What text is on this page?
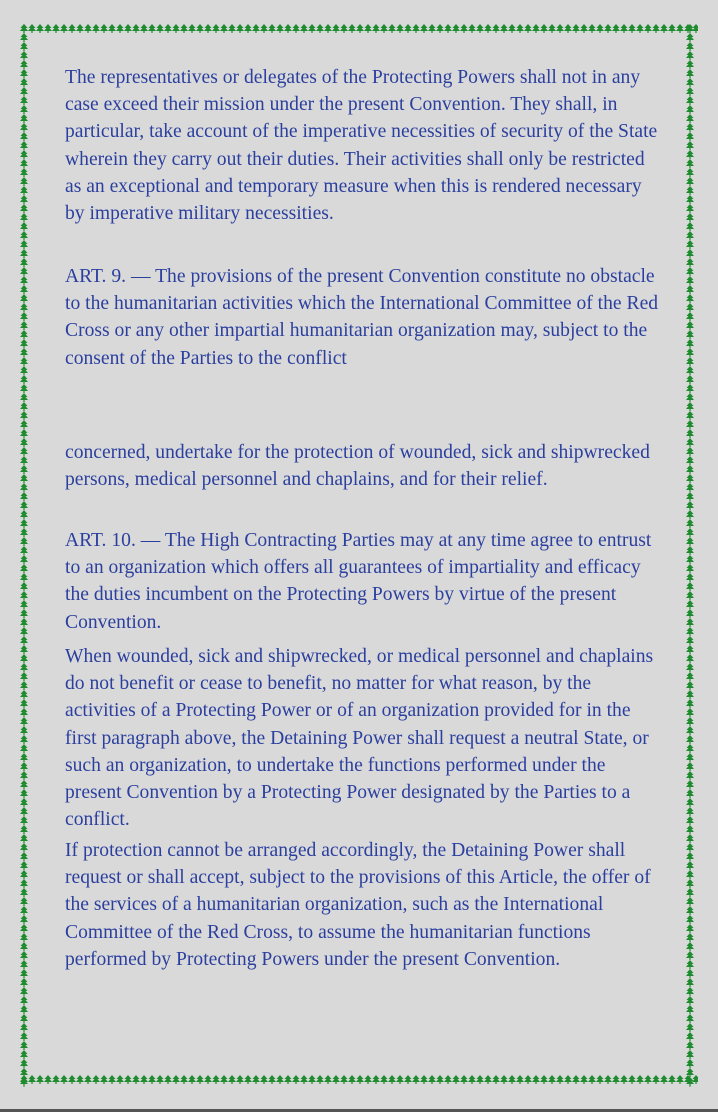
The representatives or delegates of the Protecting Powers shall not in any case exceed their mission under the present Convention. They shall, in particular, take account of the imperative necessities of security of the State wherein they carry out their duties. Their activities shall only be restricted as an exceptional and temporary measure when this is rendered necessary by imperative military necessities.

ART. 9. — The provisions of the present Convention constitute no obstacle to the humanitarian activities which the International Committee of the Red Cross or any other impartial humanitarian organization may, subject to the consent of the Parties to the conflict

concerned, undertake for the protection of wounded, sick and shipwrecked persons, medical personnel and chaplains, and for their relief.

ART. 10. — The High Contracting Parties may at any time agree to entrust to an organization which offers all guarantees of impartiality and efficacy the duties incumbent on the Protecting Powers by virtue of the present Convention.

When wounded, sick and shipwrecked, or medical personnel and chaplains do not benefit or cease to benefit, no matter for what reason, by the activities of a Protecting Power or of an organization provided for in the first paragraph above, the Detaining Power shall request a neutral State, or such an organization, to undertake the functions performed under the present Convention by a Protecting Power designated by the Parties to a conflict.

If protection cannot be arranged accordingly, the Detaining Power shall request or shall accept, subject to the provisions of this Article, the offer of the services of a humanitarian organization, such as the International Committee of the Red Cross, to assume the humanitarian functions performed by Protecting Powers under the present Convention.
